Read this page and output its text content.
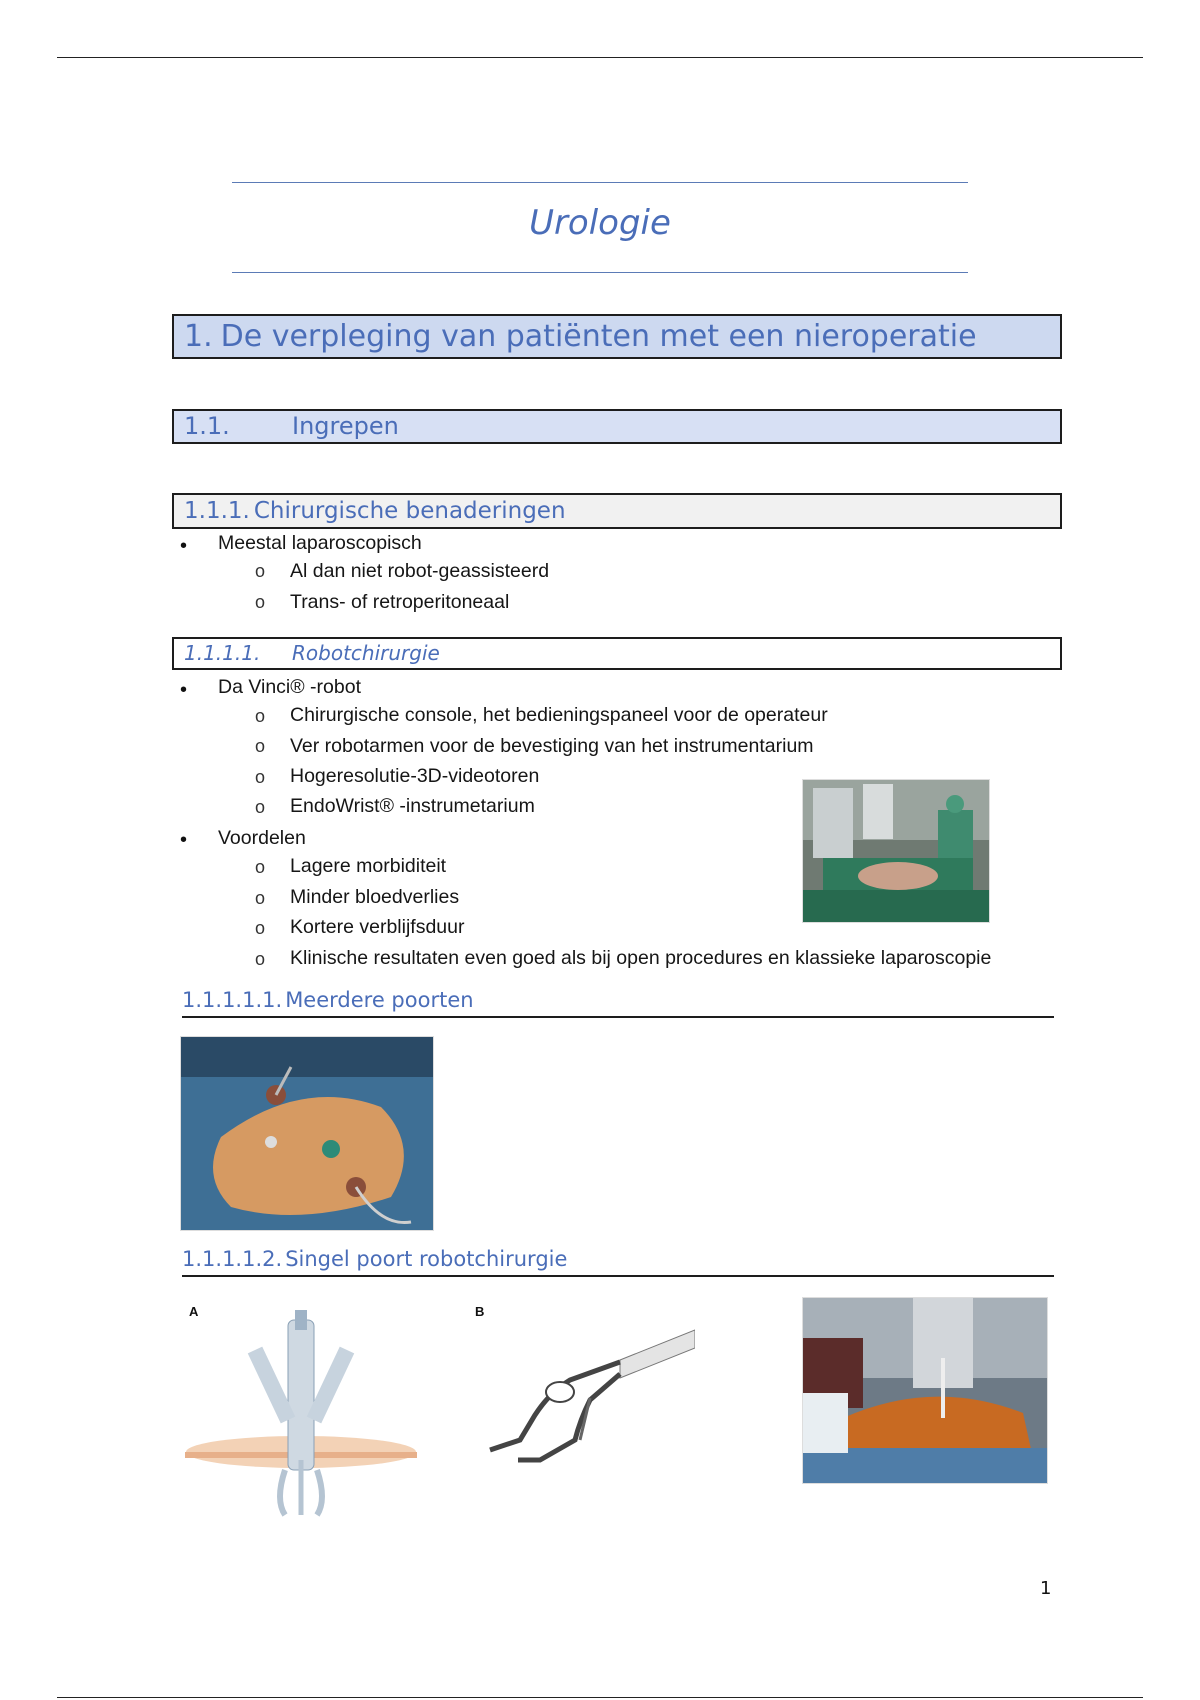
Urologie
1. De verpleging van patiënten met een nieroperatie
1.1.	Ingrepen
1.1.1. Chirurgische benaderingen
• Meestal laparoscopisch
o Al dan niet robot-geassisteerd
o Trans- of retroperitoneaal
1.1.1.1. Robotchirurgie
• Da Vinci® -robot
o Chirurgische console, het bedieningspaneel voor de operateur
o Ver robotarmen voor de bevestiging van het instrumentarium
o Hogeresolutie-3D-videotoren
o EndoWrist® -instrumetarium
• Voordelen
o Lagere morbiditeit
o Minder bloedverlies
o Kortere verblijfsduur
o Klinische resultaten even goed als bij open procedures en klassieke laparoscopie
1.1.1.1.1. Meerdere poorten
1.1.1.1.2. Singel poort robotchirurgie
A	B
1
